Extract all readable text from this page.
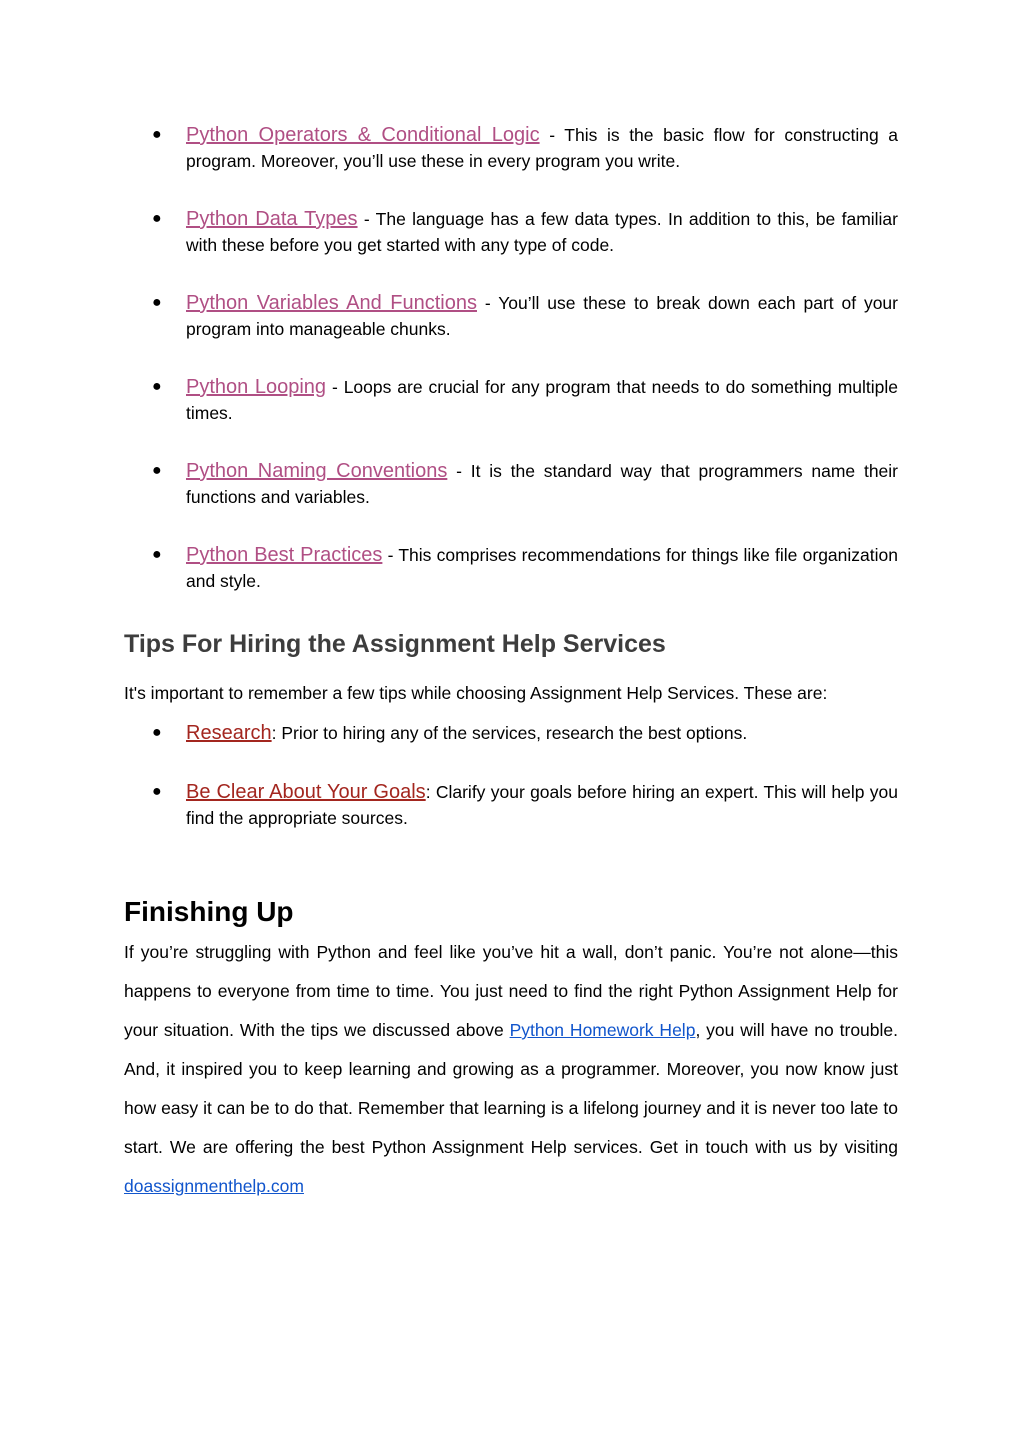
● Python Operators & Conditional Logic - This is the basic flow for constructing a program. Moreover, you’ll use these in every program you write.
● Python Data Types - The language has a few data types. In addition to this, be familiar with these before you get started with any type of code.
● Python Variables And Functions - You’ll use these to break down each part of your program into manageable chunks.
● Python Looping - Loops are crucial for any program that needs to do something multiple times.
● Python Naming Conventions - It is the standard way that programmers name their functions and variables.
● Python Best Practices - This comprises recommendations for things like file organization and style.
Tips For Hiring the Assignment Help Services
It's important to remember a few tips while choosing Assignment Help Services. These are:
● Research: Prior to hiring any of the services, research the best options.
● Be Clear About Your Goals: Clarify your goals before hiring an expert. This will help you find the appropriate sources.
Finishing Up

If you’re struggling with Python and feel like you’ve hit a wall, don’t panic. You’re not alone—this happens to everyone from time to time. You just need to find the right Python Assignment Help for your situation. With the tips we discussed above Python Homework Help, you will have no trouble. And, it inspired you to keep learning and growing as a programmer. Moreover, you now know just how easy it can be to do that. Remember that learning is a lifelong journey and it is never too late to start. We are offering the best Python Assignment Help services. Get in touch with us by visiting doassignmenthelp.com
